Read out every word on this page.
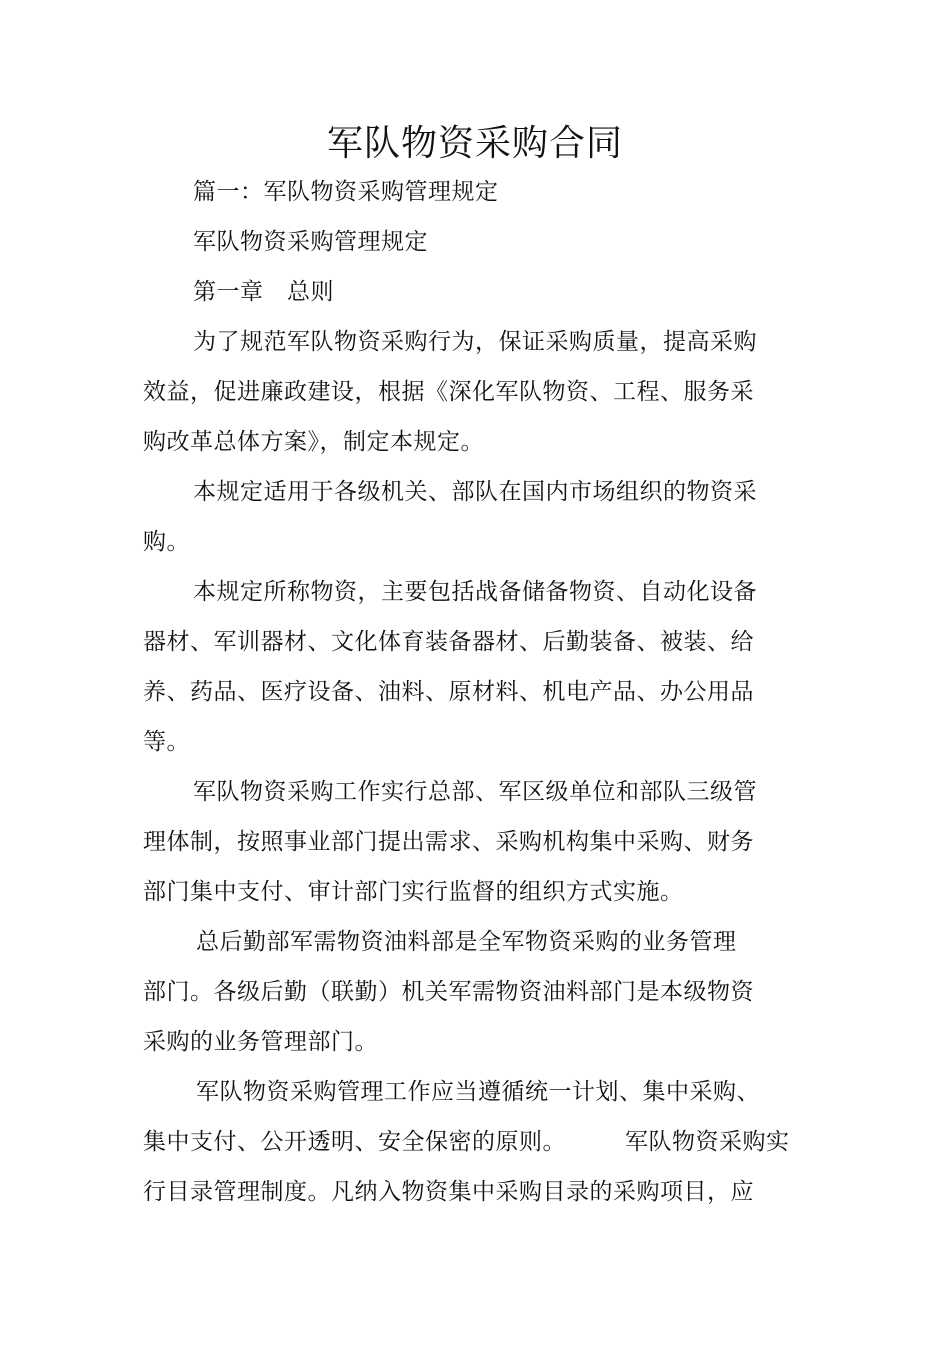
军队物资采购合同
篇一：军队物资采购管理规定
军队物资采购管理规定
第一章　总则
为了规范军队物资采购行为，保证采购质量，提高采购
效益，促进廉政建设，根据《深化军队物资、工程、服务采
购改革总体方案》，制定本规定。
本规定适用于各级机关、部队在国内市场组织的物资采
购。
本规定所称物资，主要包括战备储备物资、自动化设备
器材、军训器材、文化体育装备器材、后勤装备、被装、给
养、药品、医疗设备、油料、原材料、机电产品、办公用品
等。
军队物资采购工作实行总部、军区级单位和部队三级管
理体制，按照事业部门提出需求、采购机构集中采购、财务
部门集中支付、审计部门实行监督的组织方式实施。
总后勤部军需物资油料部是全军物资采购的业务管理
部门。各级后勤（联勤）机关军需物资油料部门是本级物资
采购的业务管理部门。
军队物资采购管理工作应当遵循统一计划、集中采购、
集中支付、公开透明、安全保密的原则。　　　军队物资采购实
行目录管理制度。凡纳入物资集中采购目录的采购项目，应
